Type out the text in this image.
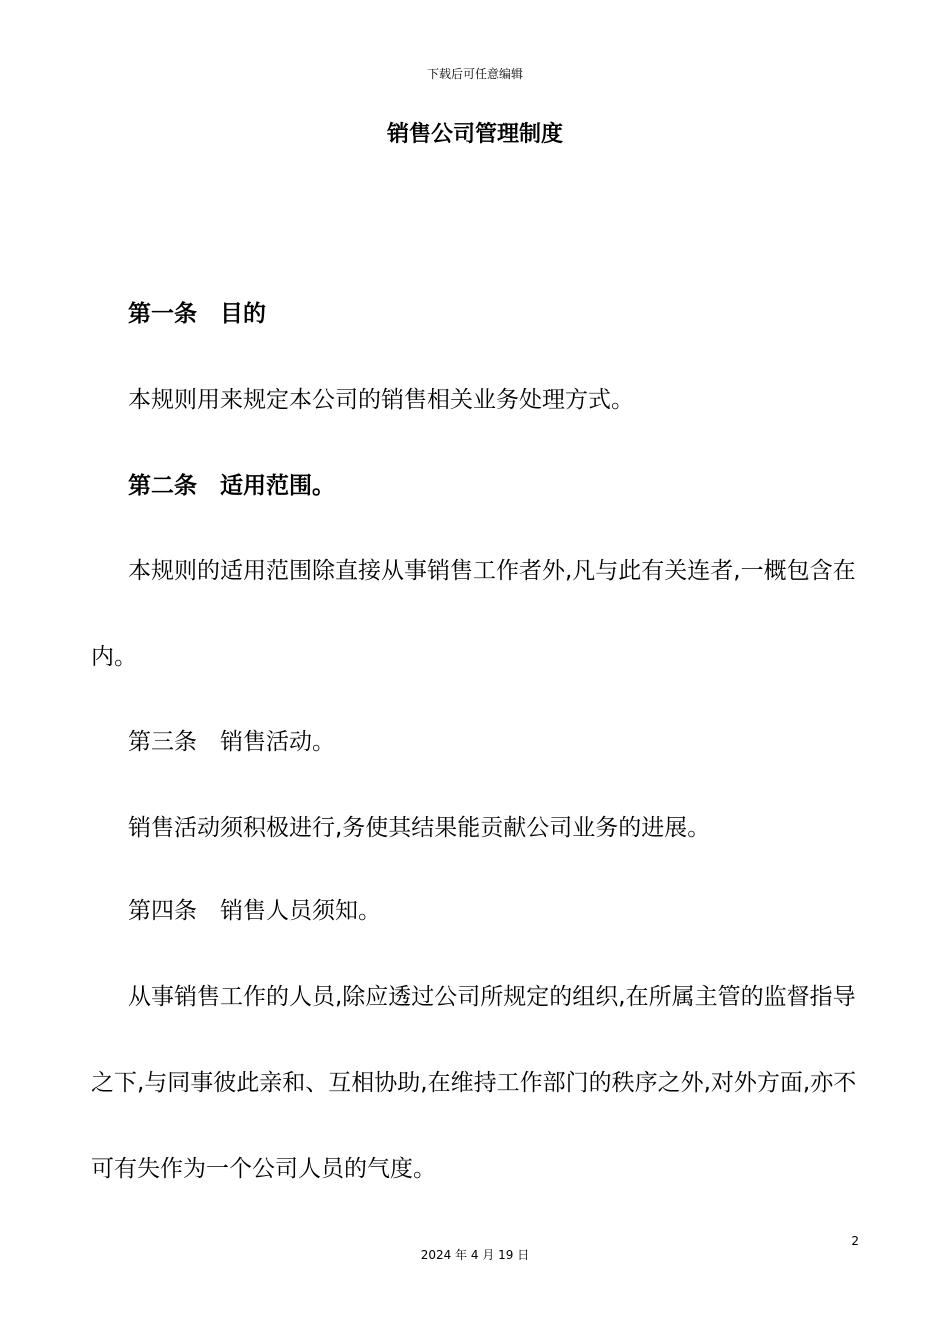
下载后可任意编辑
销售公司管理制度
第一条　目的
本规则用来规定本公司的销售相关业务处理方式。
第二条　适用范围。
本规则的适用范围除直接从事销售工作者外,凡与此有关连者,一概包含在
内。
第三条　销售活动。
销售活动须积极进行,务使其结果能贡献公司业务的进展。
第四条　销售人员须知。
从事销售工作的人员,除应透过公司所规定的组织,在所属主管的监督指导
之下,与同事彼此亲和、互相协助,在维持工作部门的秩序之外,对外方面,亦不
可有失作为一个公司人员的气度。
2
2024 年 4 月 19 日
